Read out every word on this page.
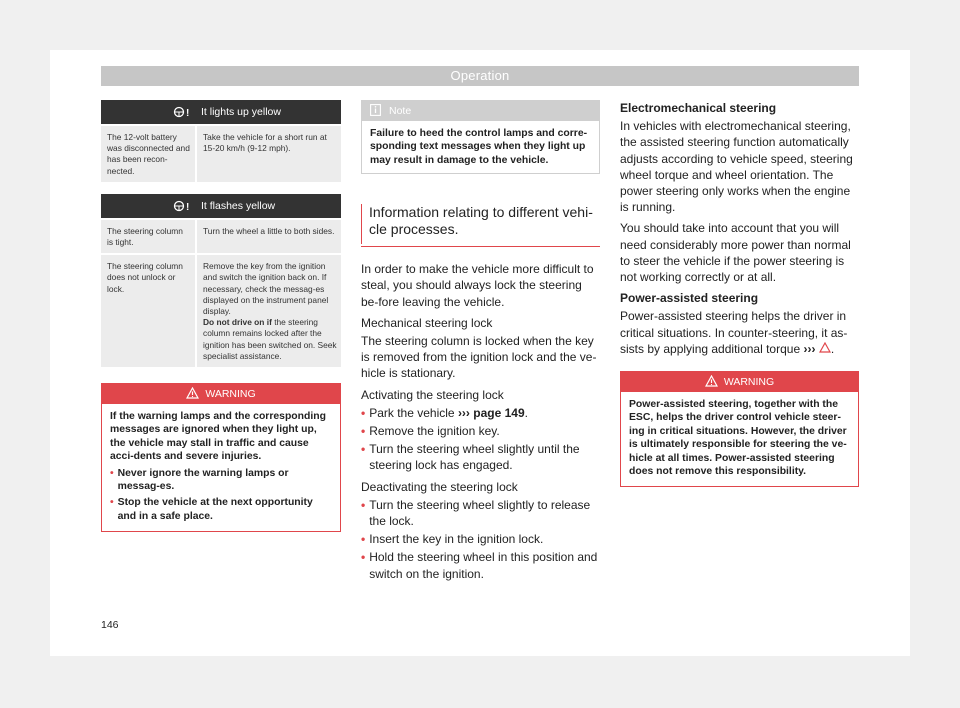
Operation
!	It lights up yellow
The 12-volt battery was disconnected and has been recon-nected.
Take the vehicle for a short run at 15-20 km/h (9-12 mph).
!	It flashes yellow
The steering column is tight.
Turn the wheel a little to both sides.
The steering column does not unlock or lock.
Remove the key from the ignition and switch the ignition back on. If necessary, check the messag-es displayed on the instrument panel display.
Do not drive on if the steering column remains locked after the ignition has been switched on. Seek specialist assistance.
WARNING
If the warning lamps and the corresponding messages are ignored when they light up, the vehicle may stall in traffic and cause acci-dents and severe injuries.
• Never ignore the warning lamps or messag-es.
• Stop the vehicle at the next opportunity and in a safe place.
Note
Failure to heed the control lamps and corre-sponding text messages when they light up may result in damage to the vehicle.
Information relating to different vehi-cle processes.

In order to make the vehicle more difficult to steal, you should always lock the steering be-fore leaving the vehicle.

Mechanical steering lock

The steering column is locked when the key is removed from the ignition lock and the ve-hicle is stationary.

Activating the steering lock

• Park the vehicle ››› page 149.
• Remove the ignition key.
• Turn the steering wheel slightly until the steering lock has engaged.

Deactivating the steering lock

• Turn the steering wheel slightly to release the lock.
• Insert the key in the ignition lock.
• Hold the steering wheel in this position and switch on the ignition.

Electromechanical steering

In vehicles with electromechanical steering, the assisted steering function automatically adjusts according to vehicle speed, steering wheel torque and wheel orientation. The power steering only works when the engine is running.

You should take into account that you will need considerably more power than normal to steer the vehicle if the power steering is not working correctly or at all.

Power-assisted steering

Power-assisted steering helps the driver in critical situations. In counter-steering, it as-sists by applying additional torque ››› .

WARNING
Power-assisted steering, together with the ESC, helps the driver control vehicle steer-ing in critical situations. However, the driver is ultimately responsible for steering the ve-hicle at all times. Power-assisted steering does not remove this responsibility.
146
